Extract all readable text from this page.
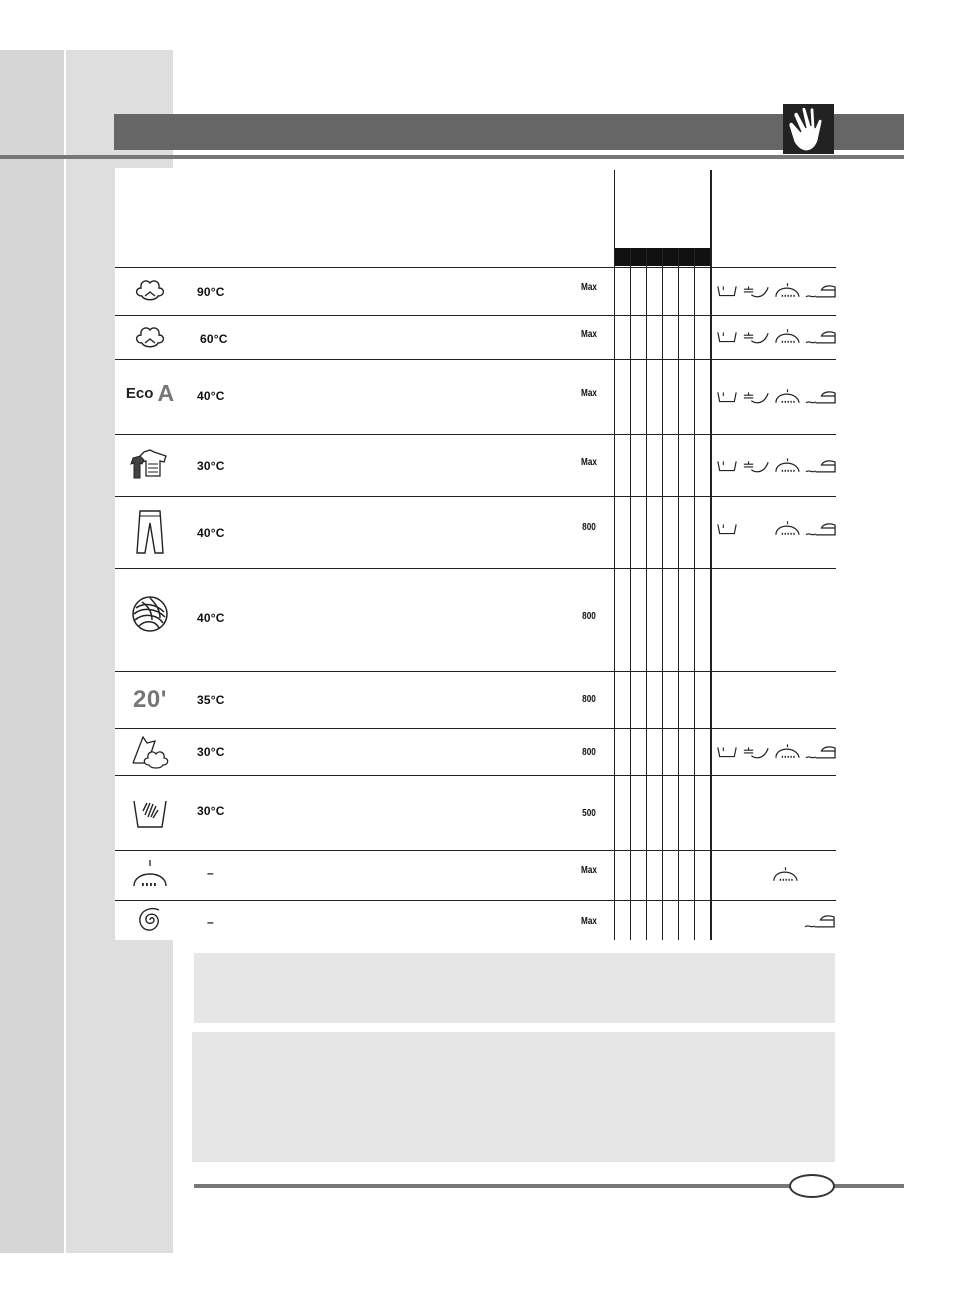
90°C	Max
60°C	Max
Eco A 40°C	Max
30°C	Max
40°C	800
40°C	800
20'	35°C	800
30°C	800
30°C	500
–	Max
–	Max
